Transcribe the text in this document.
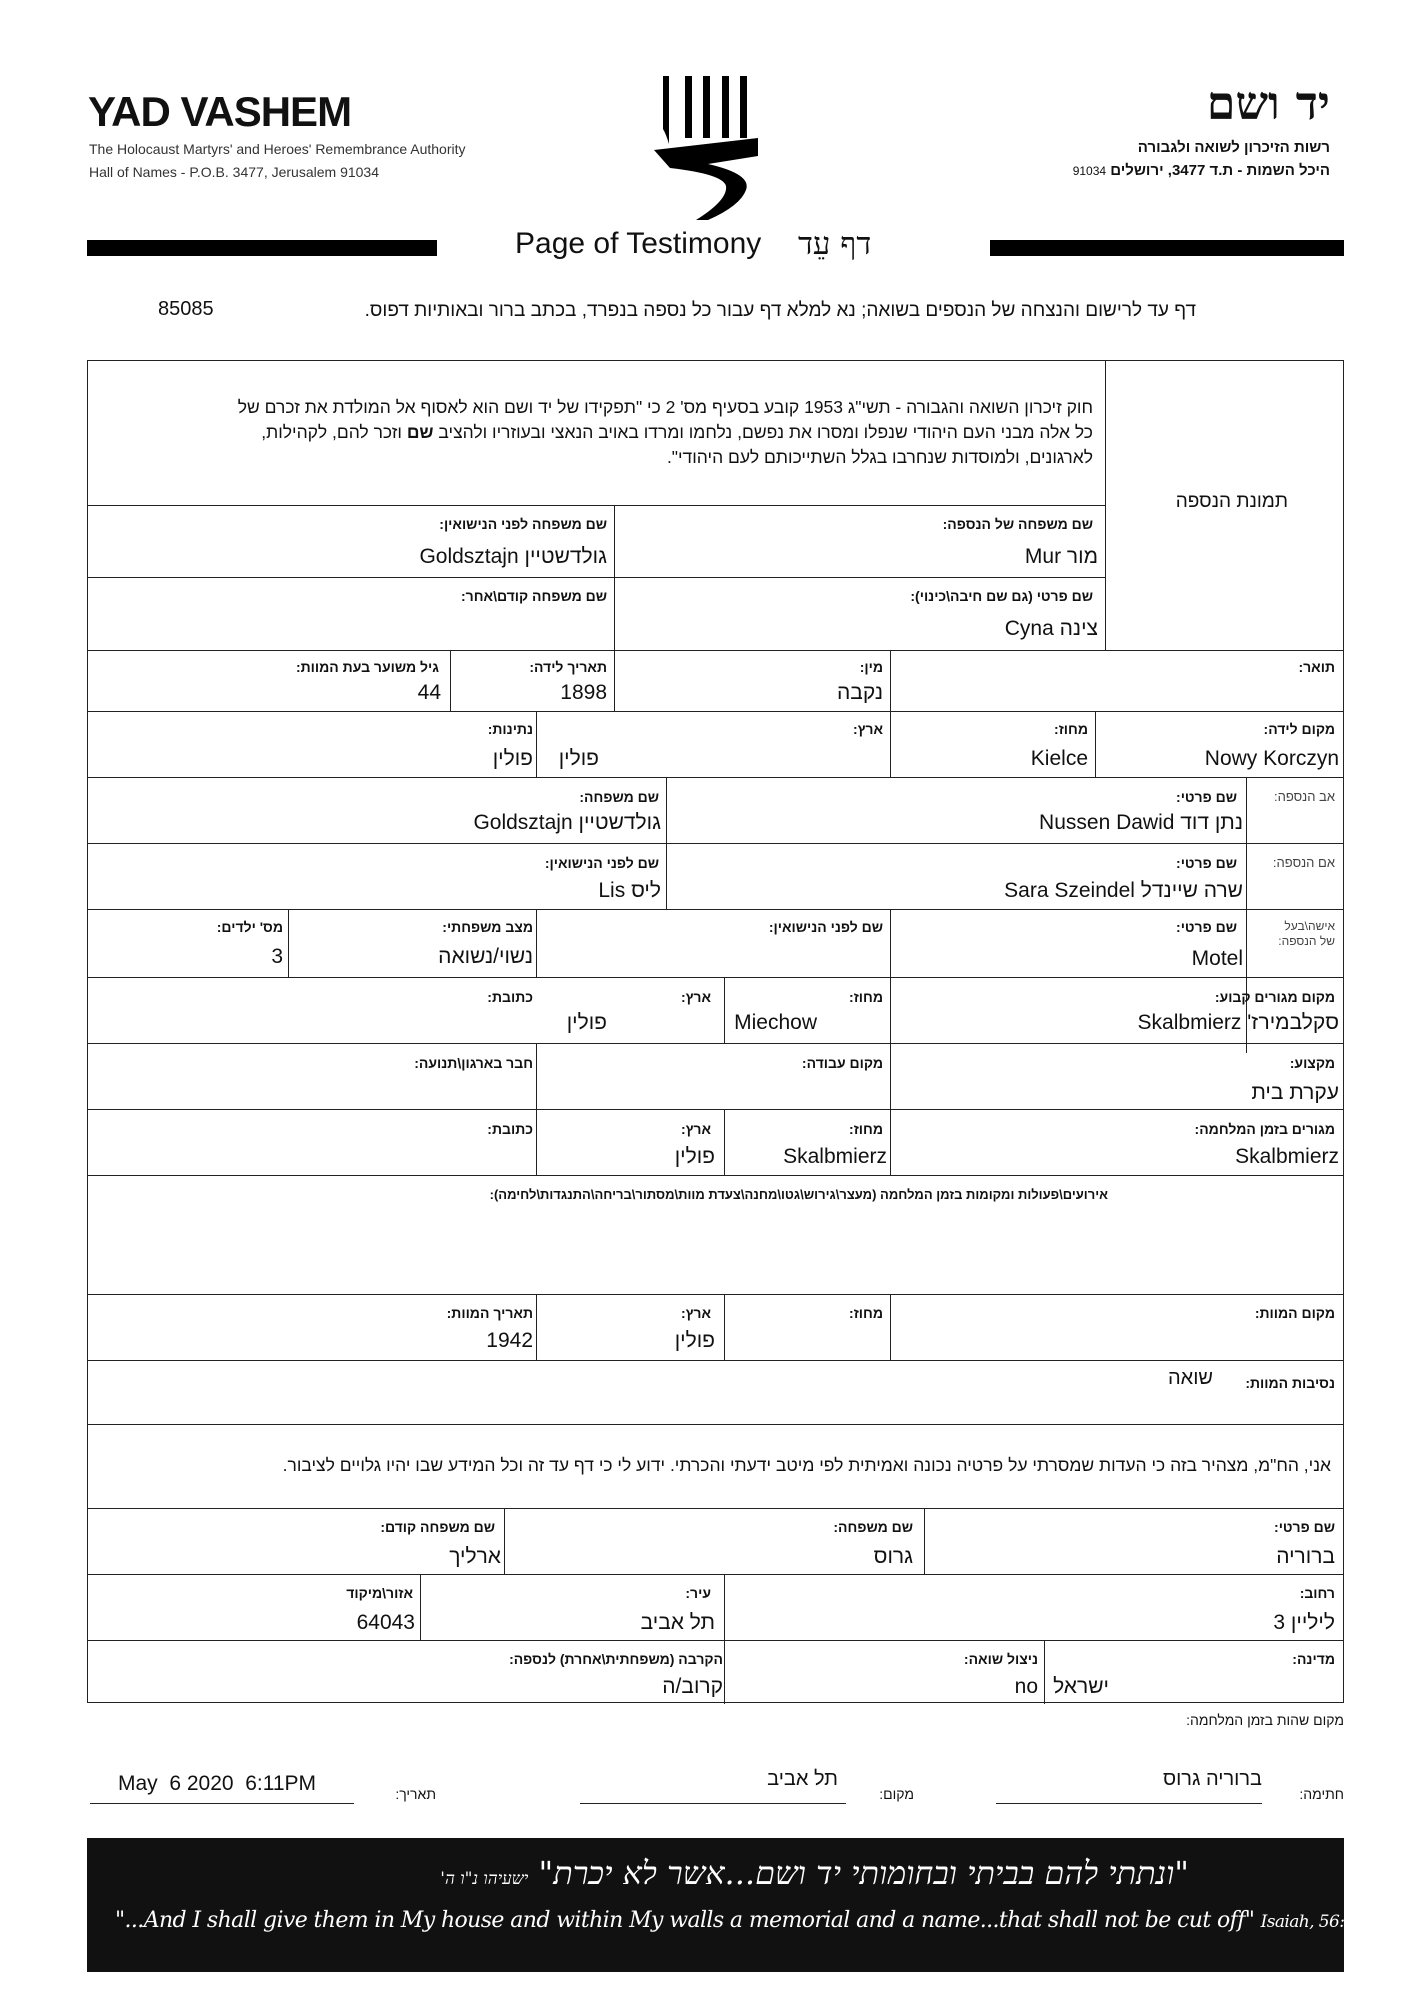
YAD VASHEM
The Holocaust Martyrs' and Heroes' Remembrance Authority
Hall of Names - P.O.B. 3477, Jerusalem 91034
יד ושם
רשות הזיכרון לשואה ולגבורה
היכל השמות - ת.ד 3477, ירושלים 91034
Page of Testimony דף עֵד
דף עד לרישום והנצחה של הנספים בשואה; נא למלא דף עבור כל נספה בנפרד, בכתב ברור ובאותיות דפוס.
85085
תמונת הנספה
חוק זיכרון השואה והגבורה - תשי"ג 1953 קובע בסעיף מס' 2 כי "תפקידו של יד ושם הוא לאסוף אל המולדת את זכרם של
כל אלה מבני העם היהודי שנפלו ומסרו את נפשם, נלחמו ומרדו באויב הנאצי ובעוזריו ולהציב שם וזכר להם, לקהילות,
לארגונים, ולמוסדות שנחרבו בגלל השתייכותם לעם היהודי".
שם משפחה של הנספה:
מור Mur
שם משפחה לפני הנישואין:
גולדשטיין Goldsztajn
שם פרטי (גם שם חיבה\כינוי):
צינה Cyna
שם משפחה קודם\אחר:
תואר:
מין:
נקבה
תאריך לידה:
1898
גיל משוער בעת המוות:
44
מקום לידה:
Nowy Korczyn
מחוז:
Kielce
ארץ:
פולין
נתינות:
פולין
אב הנספה:
שם פרטי:
נתן דוד Nussen Dawid
שם משפחה:
גולדשטיין Goldsztajn
אם הנספה:
שם פרטי:
שרה שיינדל Sara Szeindel
שם לפני הנישואין:
ליס Lis
אישה\בעל
של הנספה:
שם פרטי:
Motel
שם לפני הנישואין:
מצב משפחתי:
נשוי/נשואה
מס' ילדים:
3
מקום מגורים קבוע:
סקלבמירז' Skalbmierz
מחוז:
Miechow
ארץ:
פולין
כתובת:
מקצוע:
עקרת בית
מקום עבודה:
חבר בארגון\תנועה:
מגורים בזמן המלחמה:
Skalbmierz
מחוז:
Skalbmierz
ארץ:
פולין
כתובת:
אירועים\פעולות ומקומות בזמן המלחמה (מעצר\גירוש\גטו\מחנה\צעדת מוות\מסתור\בריחה\התנגדות\לחימה):
מקום המוות:
מחוז:
ארץ:
פולין
תאריך המוות:
1942
נסיבות המוות:
שואה
אני, הח"מ, מצהיר בזה כי העדות שמסרתי על פרטיה נכונה ואמיתית לפי מיטב ידעתי והכרתי. ידוע לי כי דף עד זה וכל המידע שבו יהיו גלויים לציבור.
שם פרטי:
ברוריה
שם משפחה:
גרוס
שם משפחה קודם:
ארליך
רחוב:
ליליין 3
עיר:
תל אביב
אזור\מיקוד
64043
מדינה:
ישראל
ניצול שואה:
no
הקרבה (משפחתית\אחרת) לנספה:
קרוב/ה
מקום שהות בזמן המלחמה:
חתימה:
ברוריה גרוס
מקום:
תל אביב
תאריך:
May  6 2020  6:11PM
"ונתתי להם בביתי ובחומותי יד ושם...אשר לא יכרת" ישעיהו נ"ו ה'
"...And I shall give them in My house and within My walls a memorial and a name...that shall not be cut off" Isaiah, 56:5
